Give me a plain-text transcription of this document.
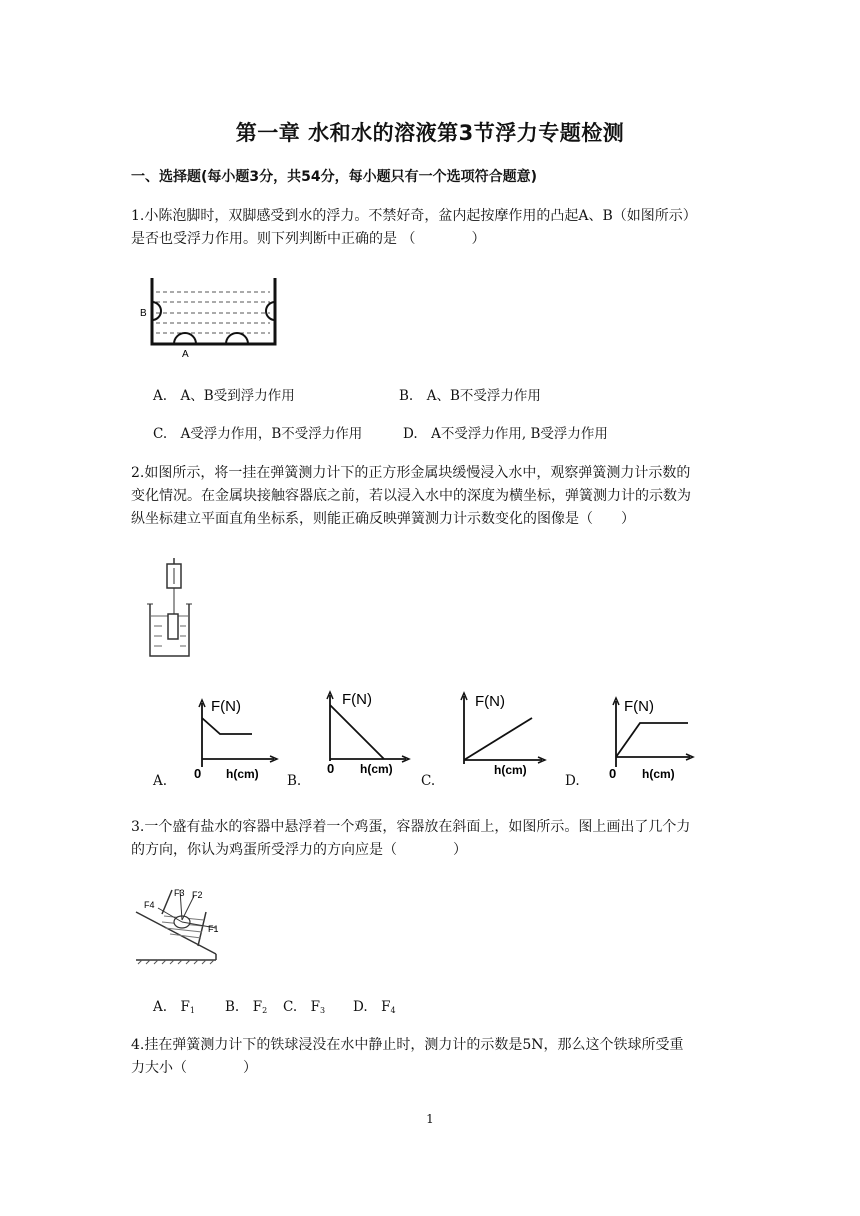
第一章 水和水的溶液第3节浮力专题检测
一、选择题(每小题3分，共54分，每小题只有一个选项符合题意)
1.小陈泡脚时，双脚感受到水的浮力。不禁好奇，盆内起按摩作用的凸起A、B（如图所示）
是否也受浮力作用。则下列判断中正确的是 （　　　　）
B
A
A.　A、B受到浮力作用	B.　A、B不受浮力作用
C.　A受浮力作用，B不受浮力作用	D.　A不受浮力作用, B受浮力作用
2.如图所示，将一挂在弹簧测力计下的正方形金属块缓慢浸入水中，观察弹簧测力计示数的
变化情况。在金属块接触容器底之前，若以浸入水中的深度为横坐标，弹簧测力计的示数为
纵坐标建立平面直角坐标系，则能正确反映弹簧测力计示数变化的图像是（　　）
F(N)
0 h(cm)
A.
F(N)
0 h(cm)
B.
F(N)
h(cm)
C.
F(N)
0 h(cm)
D.
3.一个盛有盐水的容器中悬浮着一个鸡蛋，容器放在斜面上，如图所示。图上画出了几个力
的方向，你认为鸡蛋所受浮力的方向应是（　　　　）
F3 F2
F1
F4
A.　$F_1$ B.　$F_2$ C.　$F_3$ D.　$F_4$
4.挂在弹簧测力计下的铁球浸没在水中静止时，测力计的示数是5N，那么这个铁球所受重
力大小（　　　　）
1
